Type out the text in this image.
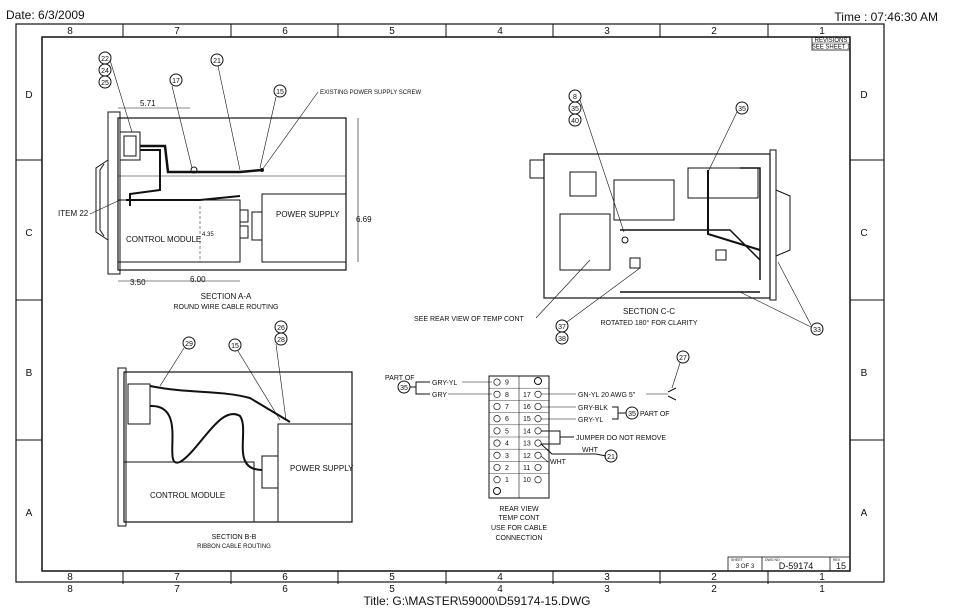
Date: 6/3/2009	Time : 07:46:30 AM
8	7	6	5	4	3	2	1
8	7	6	5	4	3	2	1
8	7	6	5	4	3	2	1
D
C
B
A
D
C
B
A
REVISIONS
SEE SHEET 1
SHEET
3 OF 3
DWG NO
D-59174
REV
15
5.71
6.69
4.35
3.50	6.00
ITEM 22
CONTROL MODULE
POWER SUPPLY
EXISTING POWER SUPPLY SCREW
SECTION A-A
ROUND WIRE CABLE ROUTING
22
24
25	17
21
15
SEE REAR VIEW OF TEMP CONT
SECTION C-C
ROTATED 180° FOR CLARITY
8
35
40
35
37
38
33
CONTROL MODULE
POWER SUPPLY
SECTION B-B
RIBBON CABLE ROUTING
29	15
26
28
9
8
7
6
5
4
3
2
1
17
16
15
14
13
12
11
10
PART OF
35
GRY-YL
GRY	GN-YL 20 AWG 5"
27
GRY-BLK
GRY-YL
35 PART OF
JUMPER DO NOT REMOVE
WHT
WHT
21
REAR VIEW
TEMP CONT
USE FOR CABLE
CONNECTION
Title: G:\MASTER\59000\D59174-15.DWG
